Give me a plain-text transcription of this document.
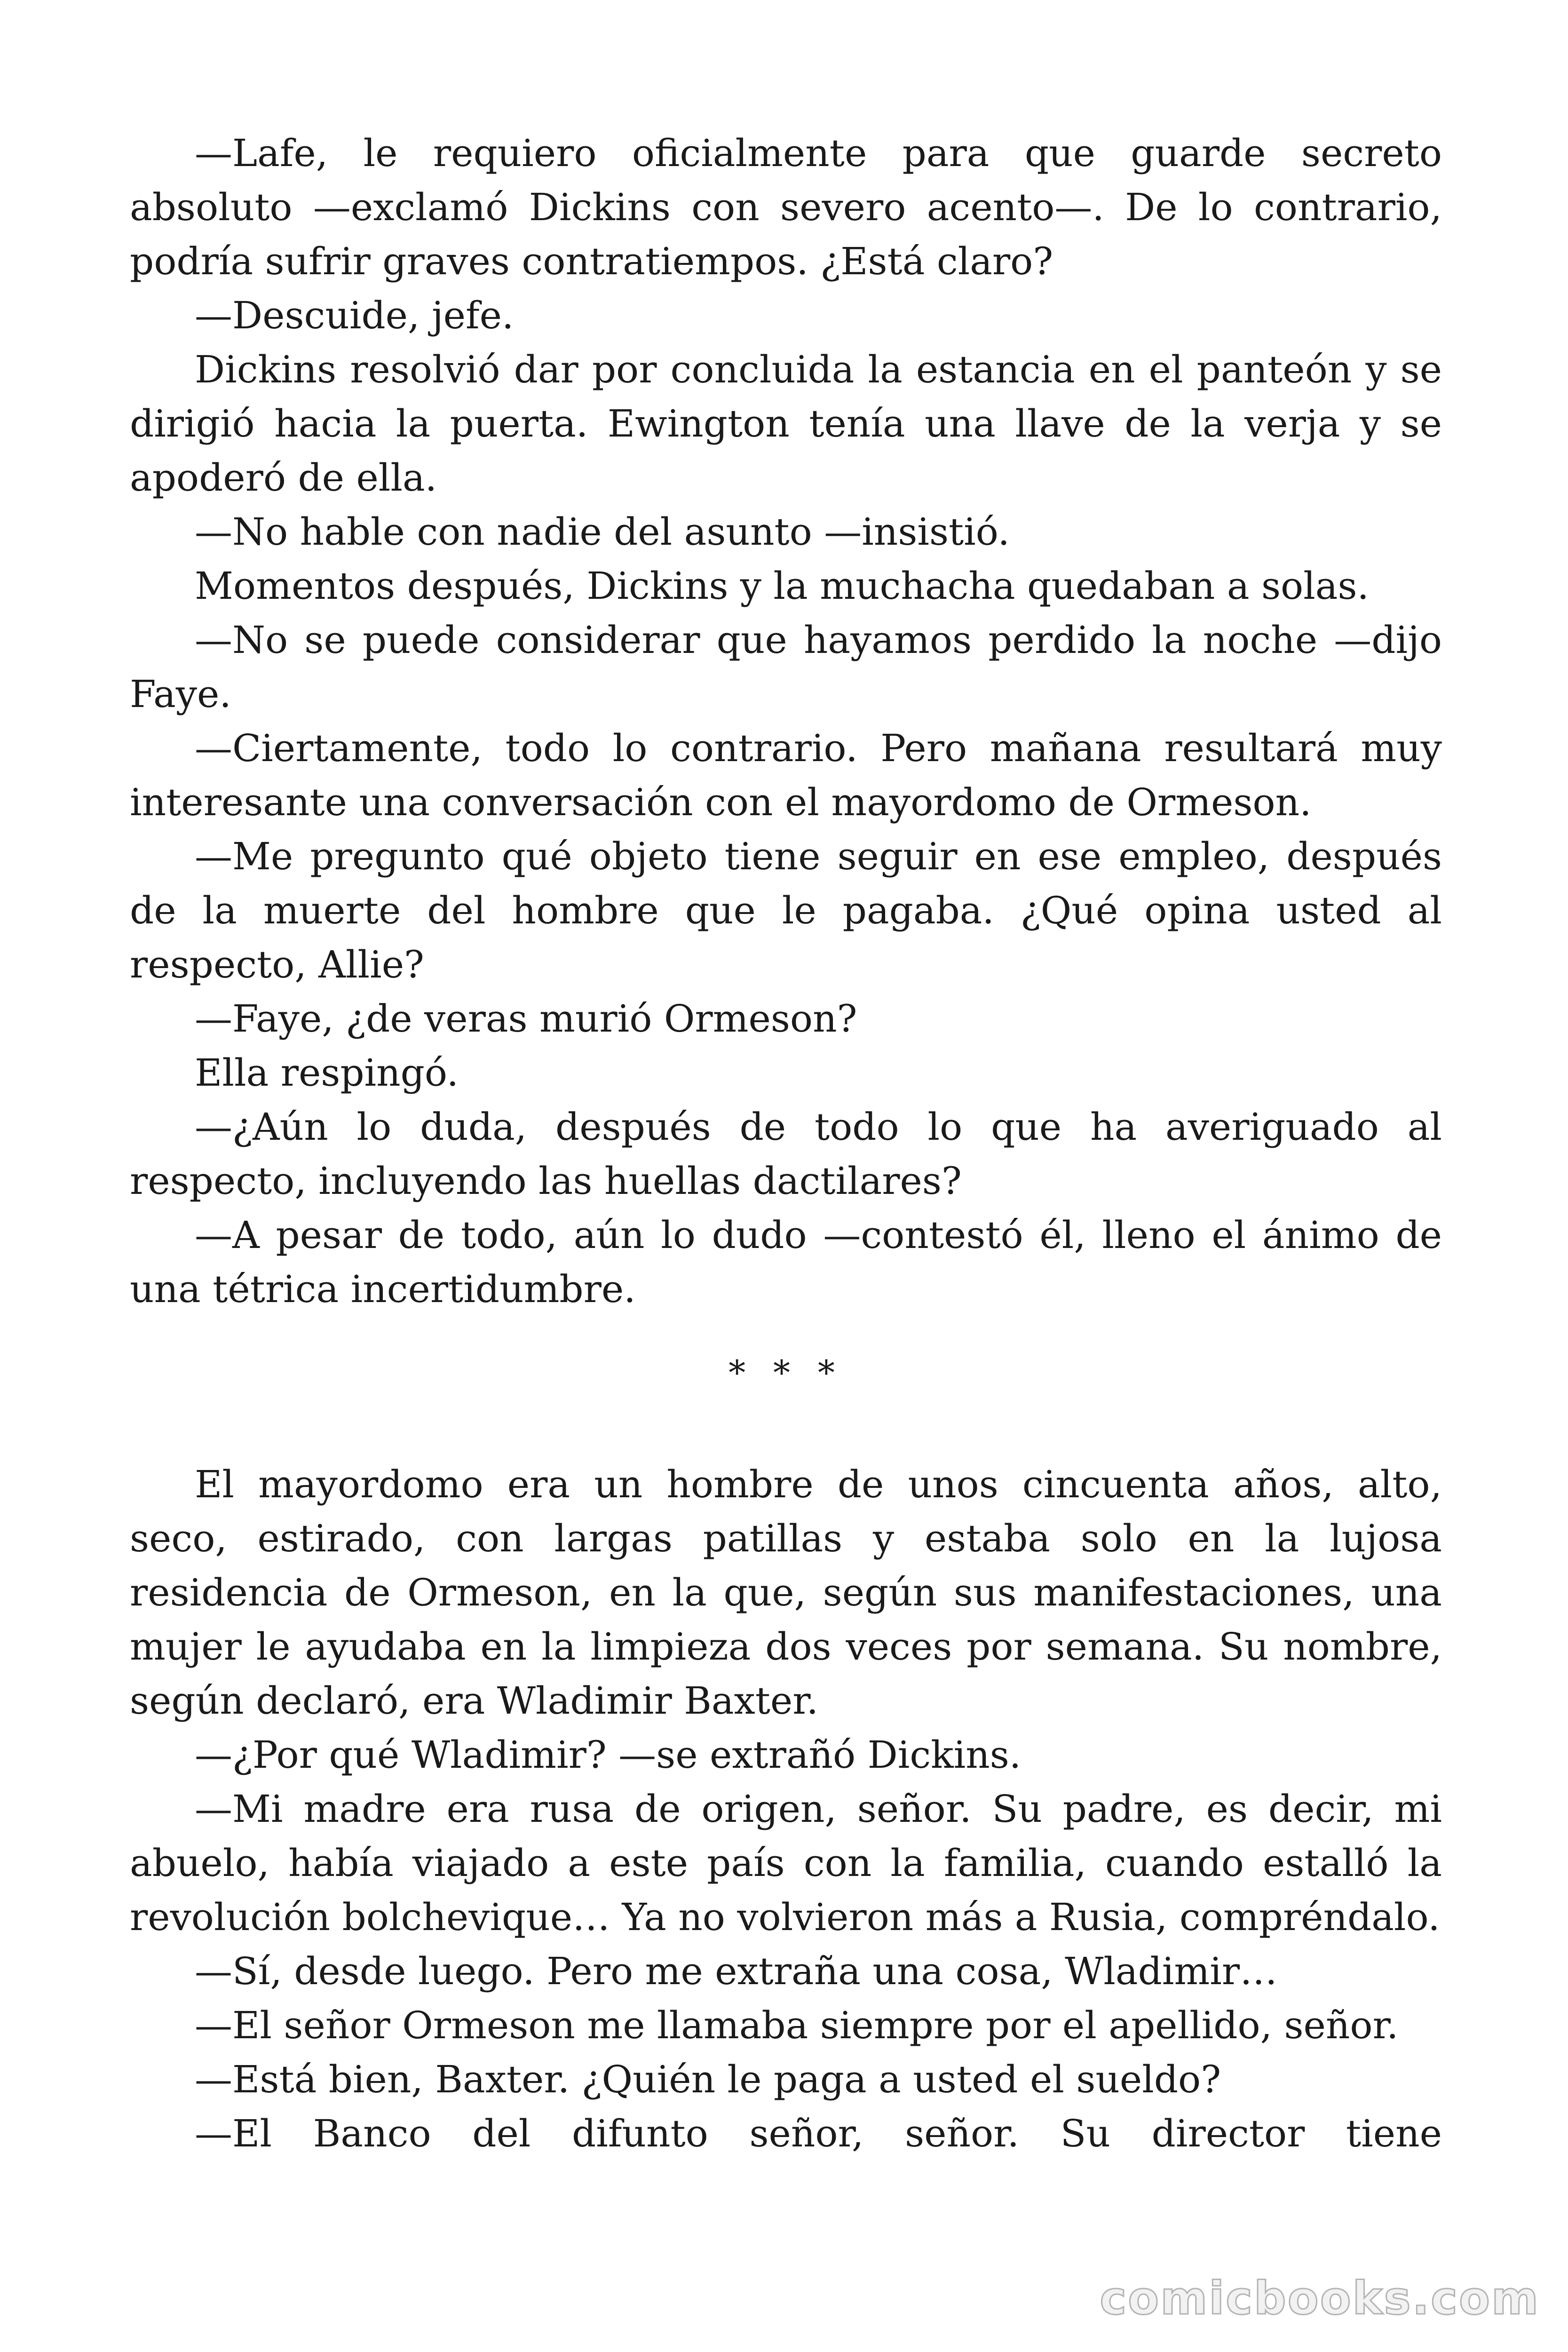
—Lafe, le requiero oficialmente para que guarde secreto absoluto —exclamó Dickins con severo acento—. De lo contrario, podría sufrir graves contratiempos. ¿Está claro?

—Descuide, jefe.

Dickins resolvió dar por concluida la estancia en el panteón y se dirigió hacia la puerta. Ewington tenía una llave de la verja y se apoderó de ella.

—No hable con nadie del asunto —insistió.

Momentos después, Dickins y la muchacha quedaban a solas.

—No se puede considerar que hayamos perdido la noche —dijo Faye.

—Ciertamente, todo lo contrario. Pero mañana resultará muy interesante una conversación con el mayordomo de Ormeson.

—Me pregunto qué objeto tiene seguir en ese empleo, después de la muerte del hombre que le pagaba. ¿Qué opina usted al respecto, Allie?

—Faye, ¿de veras murió Ormeson?

Ella respingó.

—¿Aún lo duda, después de todo lo que ha averiguado al respecto, incluyendo las huellas dactilares?

—A pesar de todo, aún lo dudo —contestó él, lleno el ánimo de una tétrica incertidumbre.

* * *

El mayordomo era un hombre de unos cincuenta años, alto, seco, estirado, con largas patillas y estaba solo en la lujosa residencia de Ormeson, en la que, según sus manifestaciones, una mujer le ayudaba en la limpieza dos veces por semana. Su nombre, según declaró, era Wladimir Baxter.

—¿Por qué Wladimir? —se extrañó Dickins.

—Mi madre era rusa de origen, señor. Su padre, es decir, mi abuelo, había viajado a este país con la familia, cuando estalló la revolución bolchevique… Ya no volvieron más a Rusia, compréndalo.

—Sí, desde luego. Pero me extraña una cosa, Wladimir…

—El señor Ormeson me llamaba siempre por el apellido, señor.

—Está bien, Baxter. ¿Quién le paga a usted el sueldo?

—El Banco del difunto señor, señor. Su director tiene

comicbooks.com
